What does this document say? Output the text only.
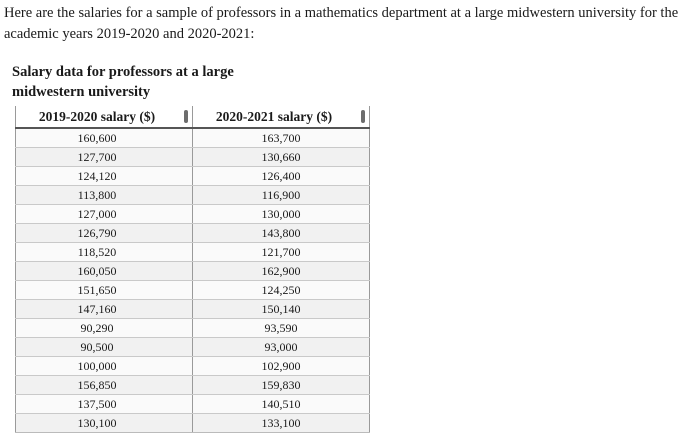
Here are the salaries for a sample of professors in a mathematics department at a large midwestern university for the academic years 2019-2020 and 2020-2021:
Salary data for professors at a large midwestern university
2019-2020 salary ($)	2020-2021 salary ($)

160,600	163,700
127,700	130,660
124,120	126,400
113,800	116,900
127,000	130,000
126,790	143,800
118,520	121,700
160,050	162,900
151,650	124,250
147,160	150,140
90,290	93,590
90,500	93,000
100,000	102,900
156,850	159,830
137,500	140,510
130,100	133,100
